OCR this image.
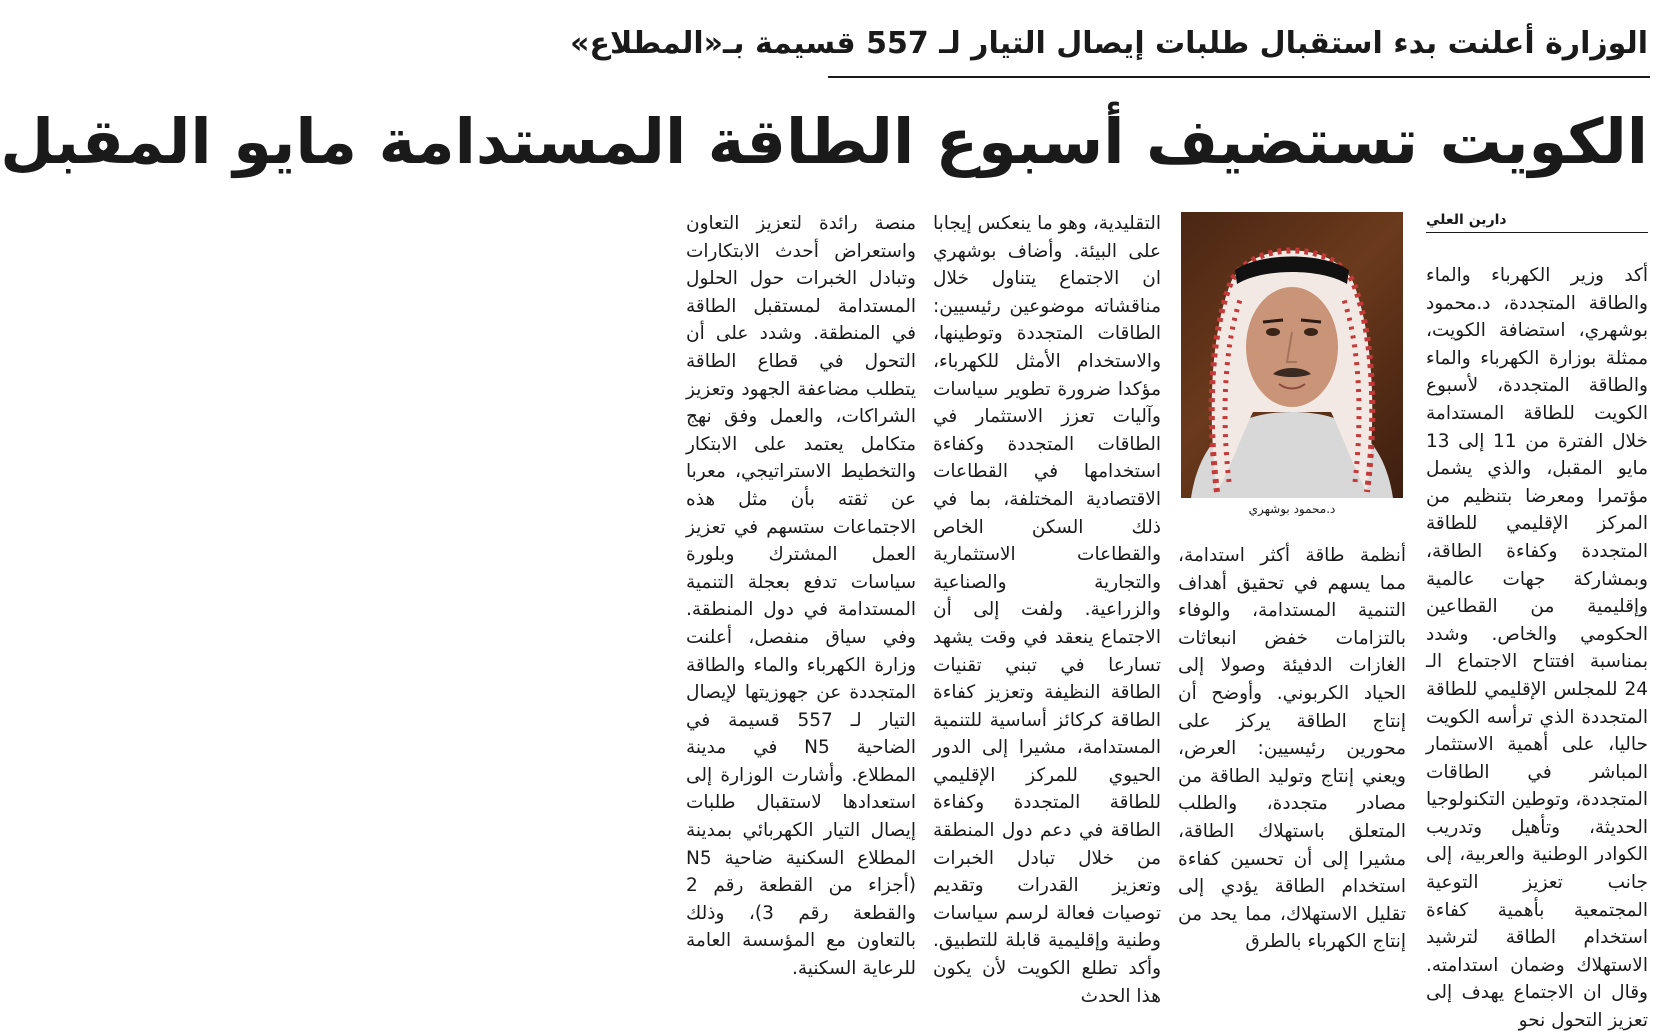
الوزارة أعلنت بدء استقبال طلبات إيصال التيار لـ 557 قسيمة بـ«المطلاع»
الكويت تستضيف أسبوع الطاقة المستدامة مايو المقبل
دارين العلي
د.محمود بوشهري

أكد وزير الكهرباء والماء والطاقة المتجددة، د.محمود بوشهري، استضافة الكويت، ممثلة بوزارة الكهرباء والماء والطاقة المتجددة، لأسبوع الكويت للطاقة المستدامة خلال الفترة من 11 إلى 13 مايو المقبل، والذي يشمل مؤتمرا ومعرضا بتنظيم من المركز الإقليمي للطاقة المتجددة وكفاءة الطاقة، وبمشاركة جهات عالمية وإقليمية من القطاعين الحكومي والخاص. وشدد بمناسبة افتتاح الاجتماع الـ 24 للمجلس الإقليمي للطاقة المتجددة الذي ترأسه الكويت حاليا، على أهمية الاستثمار المباشر في الطاقات المتجددة، وتوطين التكنولوجيا الحديثة، وتأهيل وتدريب الكوادر الوطنية والعربية، إلى جانب تعزيز التوعية المجتمعية بأهمية كفاءة استخدام الطاقة لترشيد الاستهلاك وضمان استدامته. وقال ان الاجتماع يهدف إلى تعزيز التحول نحو

أنظمة طاقة أكثر استدامة، مما يسهم في تحقيق أهداف التنمية المستدامة، والوفاء بالتزامات خفض انبعاثات الغازات الدفيئة وصولا إلى الحياد الكربوني. وأوضح أن إنتاج الطاقة يركز على محورين رئيسيين: العرض، ويعني إنتاج وتوليد الطاقة من مصادر متجددة، والطلب المتعلق باستهلاك الطاقة، مشيرا إلى أن تحسين كفاءة استخدام الطاقة يؤدي إلى تقليل الاستهلاك، مما يحد من إنتاج الكهرباء بالطرق

التقليدية، وهو ما ينعكس إيجابا على البيئة. وأضاف بوشهري ان الاجتماع يتناول خلال مناقشاته موضوعين رئيسيين: الطاقات المتجددة وتوطينها، والاستخدام الأمثل للكهرباء، مؤكدا ضرورة تطوير سياسات وآليات تعزز الاستثمار في الطاقات المتجددة وكفاءة استخدامها في القطاعات الاقتصادية المختلفة، بما في ذلك السكن الخاص والقطاعات الاستثمارية والتجارية والصناعية والزراعية. ولفت إلى أن الاجتماع ينعقد في وقت يشهد تسارعا في تبني تقنيات الطاقة النظيفة وتعزيز كفاءة الطاقة كركائز أساسية للتنمية المستدامة، مشيرا إلى الدور الحيوي للمركز الإقليمي للطاقة المتجددة وكفاءة الطاقة في دعم دول المنطقة من خلال تبادل الخبرات وتعزيز القدرات وتقديم توصيات فعالة لرسم سياسات وطنية وإقليمية قابلة للتطبيق. وأكد تطلع الكويت لأن يكون هذا الحدث

منصة رائدة لتعزيز التعاون واستعراض أحدث الابتكارات وتبادل الخبرات حول الحلول المستدامة لمستقبل الطاقة في المنطقة. وشدد على أن التحول في قطاع الطاقة يتطلب مضاعفة الجهود وتعزيز الشراكات، والعمل وفق نهج متكامل يعتمد على الابتكار والتخطيط الاستراتيجي، معربا عن ثقته بأن مثل هذه الاجتماعات ستسهم في تعزيز العمل المشترك وبلورة سياسات تدفع بعجلة التنمية المستدامة في دول المنطقة. وفي سياق منفصل، أعلنت وزارة الكهرباء والماء والطاقة المتجددة عن جهوزيتها لإيصال التيار لـ 557 قسيمة في الضاحية N5 في مدينة المطلاع. وأشارت الوزارة إلى استعدادها لاستقبال طلبات إيصال التيار الكهربائي بمدينة المطلاع السكنية ضاحية N5 (أجزاء من القطعة رقم 2 والقطعة رقم 3)، وذلك بالتعاون مع المؤسسة العامة للرعاية السكنية.
